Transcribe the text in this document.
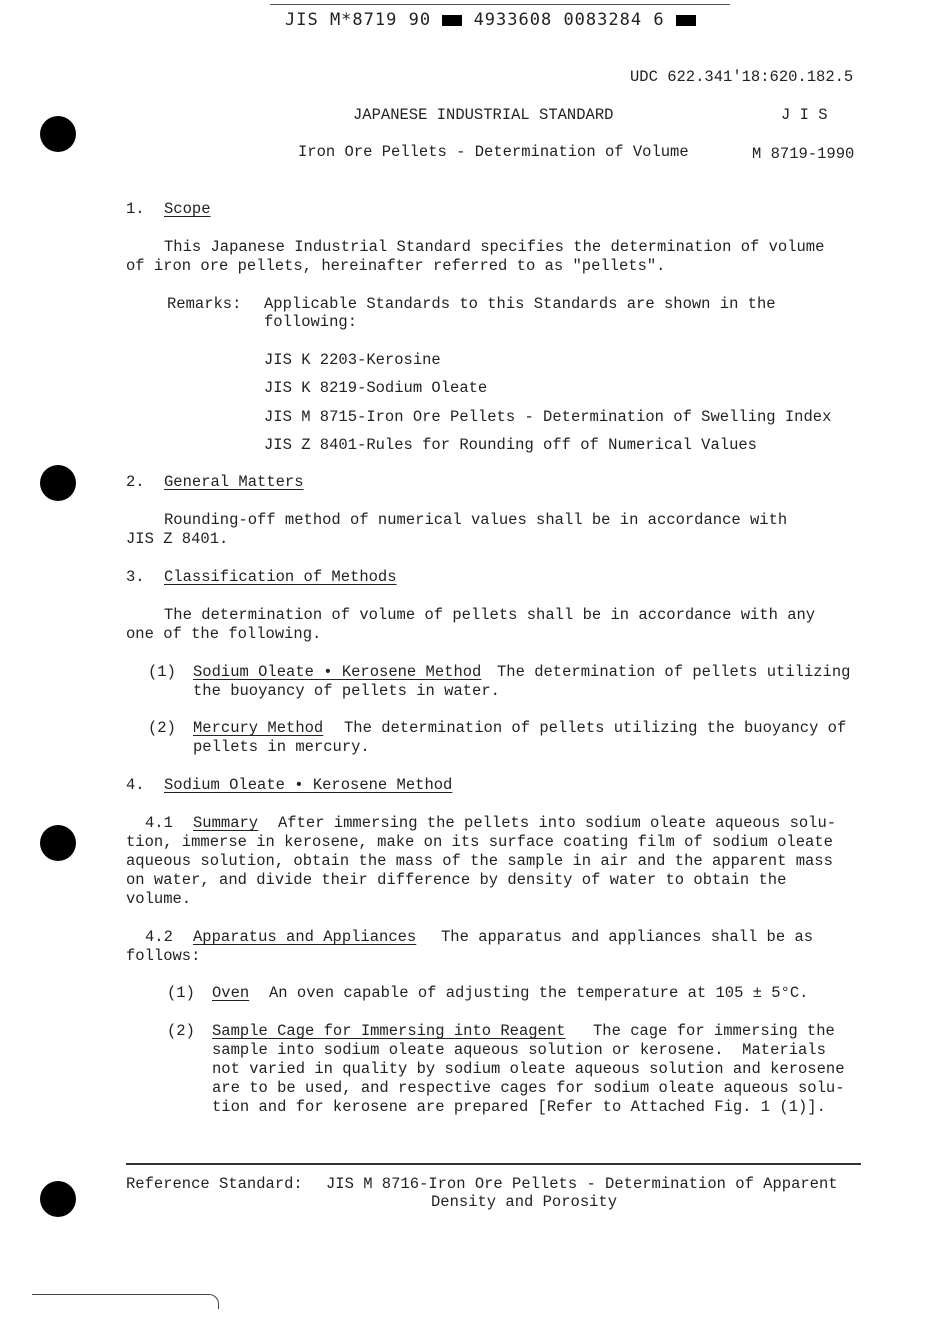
JIS M*8719 90	4933608 0083284 6
UDC 622.341'18:620.182.5
JAPANESE INDUSTRIAL STANDARD	J I S
Iron Ore Pellets - Determination of Volume	M 8719-1990
1. Scope
This Japanese Industrial Standard specifies the determination of volume
of iron ore pellets, hereinafter referred to as "pellets".
Remarks: Applicable Standards to this Standards are shown in the
following:
JIS K 2203-Kerosine
JIS K 8219-Sodium Oleate
JIS M 8715-Iron Ore Pellets - Determination of Swelling Index
JIS Z 8401-Rules for Rounding off of Numerical Values
2. General Matters
Rounding-off method of numerical values shall be in accordance with
JIS Z 8401.
3. Classification of Methods
The determination of volume of pellets shall be in accordance with any
one of the following.
(1) Sodium Oleate • Kerosene Method The determination of pellets utilizing
the buoyancy of pellets in water.
(2) Mercury Method The determination of pellets utilizing the buoyancy of
pellets in mercury.
4. Sodium Oleate • Kerosene Method
4.1 Summary After immersing the pellets into sodium oleate aqueous solu-
tion, immerse in kerosene, make on its surface coating film of sodium oleate
aqueous solution, obtain the mass of the sample in air and the apparent mass
on water, and divide their difference by density of water to obtain the
volume.
4.2 Apparatus and Appliances The apparatus and appliances shall be as
follows:
(1) Oven An oven capable of adjusting the temperature at 105 ± 5°C.
(2) Sample Cage for Immersing into Reagent The cage for immersing the
sample into sodium oleate aqueous solution or kerosene.  Materials
not varied in quality by sodium oleate aqueous solution and kerosene
are to be used, and respective cages for sodium oleate aqueous solu-
tion and for kerosene are prepared [Refer to Attached Fig. 1 (1)].
Reference Standard: JIS M 8716-Iron Ore Pellets - Determination of Apparent
Density and Porosity
